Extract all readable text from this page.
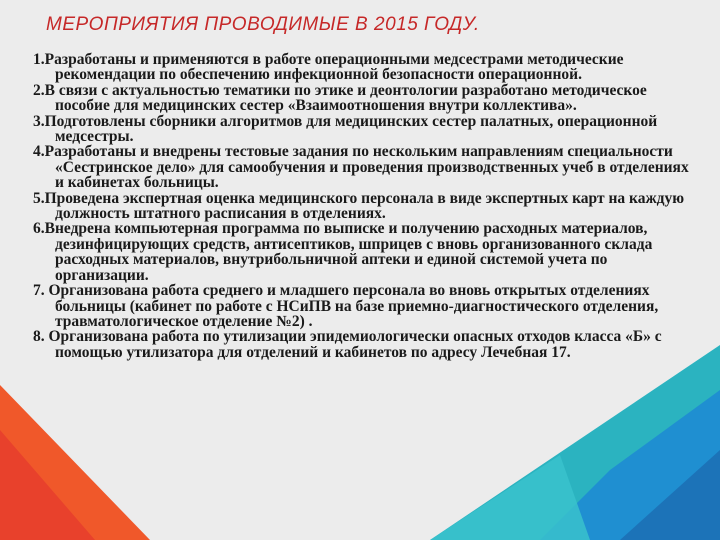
МЕРОПРИЯТИЯ ПРОВОДИМЫЕ В 2015 ГОДУ.

1.Разработаны и применяются в работе операционными медсестрами методические рекомендации по обеспечению инфекционной безопасности операционной.

2.В связи с актуальностью тематики по этике и деонтологии разработано методическое пособие для медицинских сестер «Взаимоотношения внутри коллектива».

3.Подготовлены сборники алгоритмов для медицинских сестер палатных, операционной медсестры.

4.Разработаны и внедрены тестовые задания по нескольким направлениям специальности «Сестринское дело» для самообучения и проведения производственных учеб в отделениях и кабинетах больницы.

5.Проведена экспертная оценка медицинского персонала в виде экспертных карт на каждую должность штатного расписания в отделениях.

6.Внедрена компьютерная программа по выписке и получению расходных материалов, дезинфицирующих средств, антисептиков, шприцев с вновь организованного склада расходных материалов, внутрибольничной аптеки и единой системой учета по организации.

7. Организована работа среднего и младшего персонала во вновь открытых отделениях больницы (кабинет по работе с НСиПВ на базе приемно-диагностического отделения, травматологическое отделение №2) .

8. Организована работа по утилизации эпидемиологически опасных отходов класса «Б» с помощью утилизатора для отделений и кабинетов по адресу Лечебная 17.
